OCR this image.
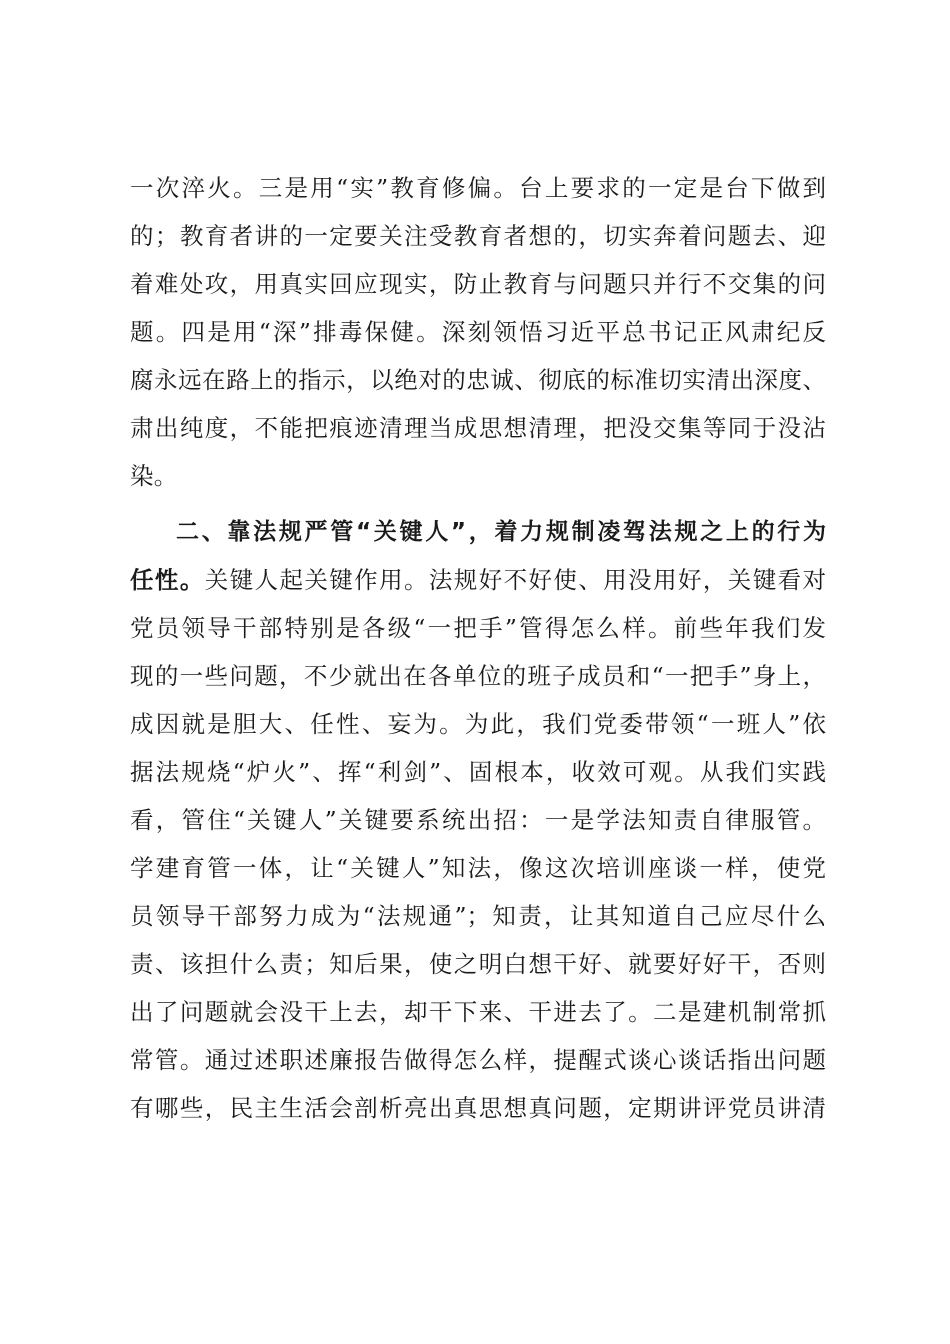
一次淬火。三是用“实”教育修偏。台上要求的一定是台下做到

的；教育者讲的一定要关注受教育者想的，切实奔着问题去、迎

着难处攻，用真实回应现实，防止教育与问题只并行不交集的问

题。四是用“深”排毒保健。深刻领悟习近平总书记正风肃纪反

腐永远在路上的指示，以绝对的忠诚、彻底的标准切实清出深度、

肃出纯度，不能把痕迹清理当成思想清理，把没交集等同于没沾

染。

二、靠法规严管“关键人”，着力规制凌驾法规之上的行为

任性。关键人起关键作用。法规好不好使、用没用好，关键看对

党员领导干部特别是各级“一把手”管得怎么样。前些年我们发

现的一些问题，不少就出在各单位的班子成员和“一把手”身上，

成因就是胆大、任性、妄为。为此，我们党委带领“一班人”依

据法规烧“炉火”、挥“利剑”、固根本，收效可观。从我们实践

看，管住“关键人”关键要系统出招：一是学法知责自律服管。

学建育管一体，让“关键人”知法，像这次培训座谈一样，使党

员领导干部努力成为“法规通”；知责，让其知道自己应尽什么

责、该担什么责；知后果，使之明白想干好、就要好好干，否则

出了问题就会没干上去，却干下来、干进去了。二是建机制常抓

常管。通过述职述廉报告做得怎么样，提醒式谈心谈话指出问题

有哪些，民主生活会剖析亮出真思想真问题，定期讲评党员讲清
